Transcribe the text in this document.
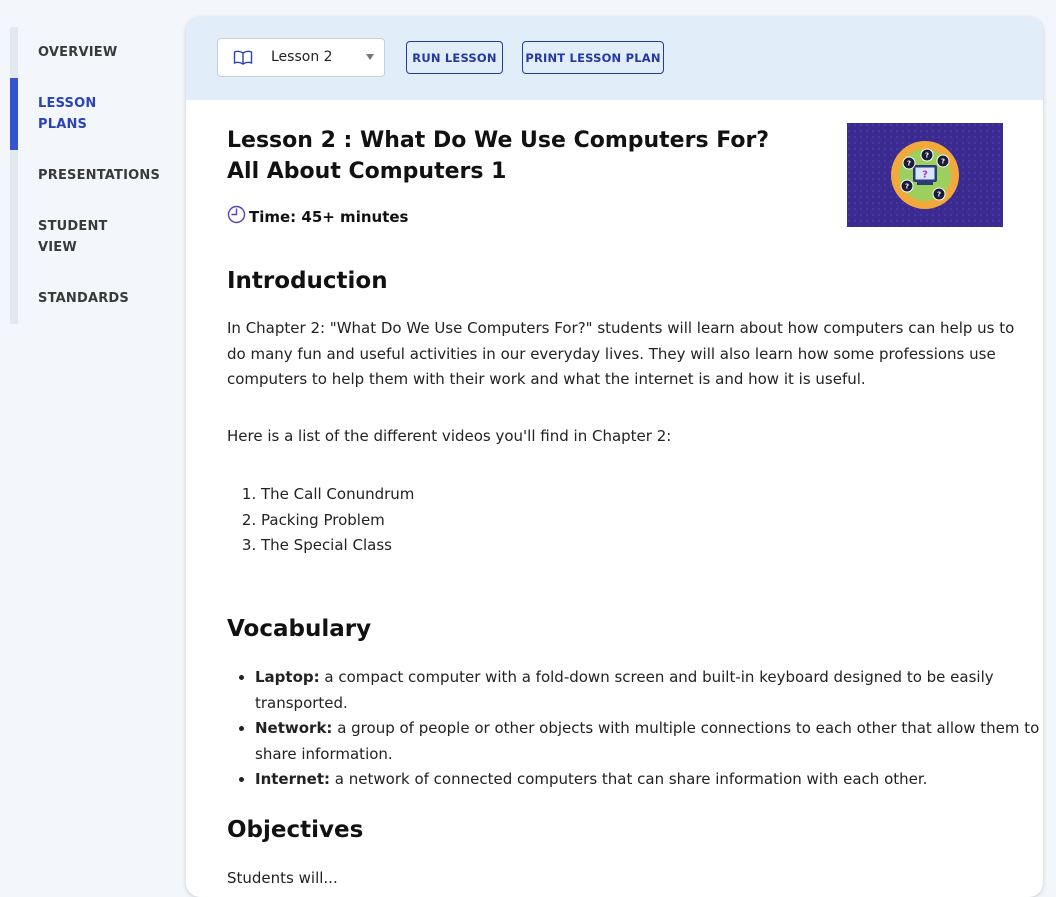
OVERVIEW
LESSON
PLANS
PRESENTATIONS
STUDENT
VIEW
STANDARDS
Lesson 2	RUN LESSON	PRINT LESSON PLAN
Lesson 2 : What Do We Use Computers For?
All About Computers 1
Time: 45+ minutes
?
?
?
?
?
?
Introduction

In Chapter 2: "What Do We Use Computers For?" students will learn about how computers can help us to do many fun and useful activities in our everyday lives. They will also learn how some professions use computers to help them with their work and what the internet is and how it is useful.

Here is a list of the different videos you'll find in Chapter 2:

1. The Call Conundrum
2. Packing Problem
3. The Special Class
Vocabulary
• Laptop: a compact computer with a fold-down screen and built-in keyboard designed to be easily transported.
• Network: a group of people or other objects with multiple connections to each other that allow them to share information.
• Internet: a network of connected computers that can share information with each other.
Objectives

Students will...
